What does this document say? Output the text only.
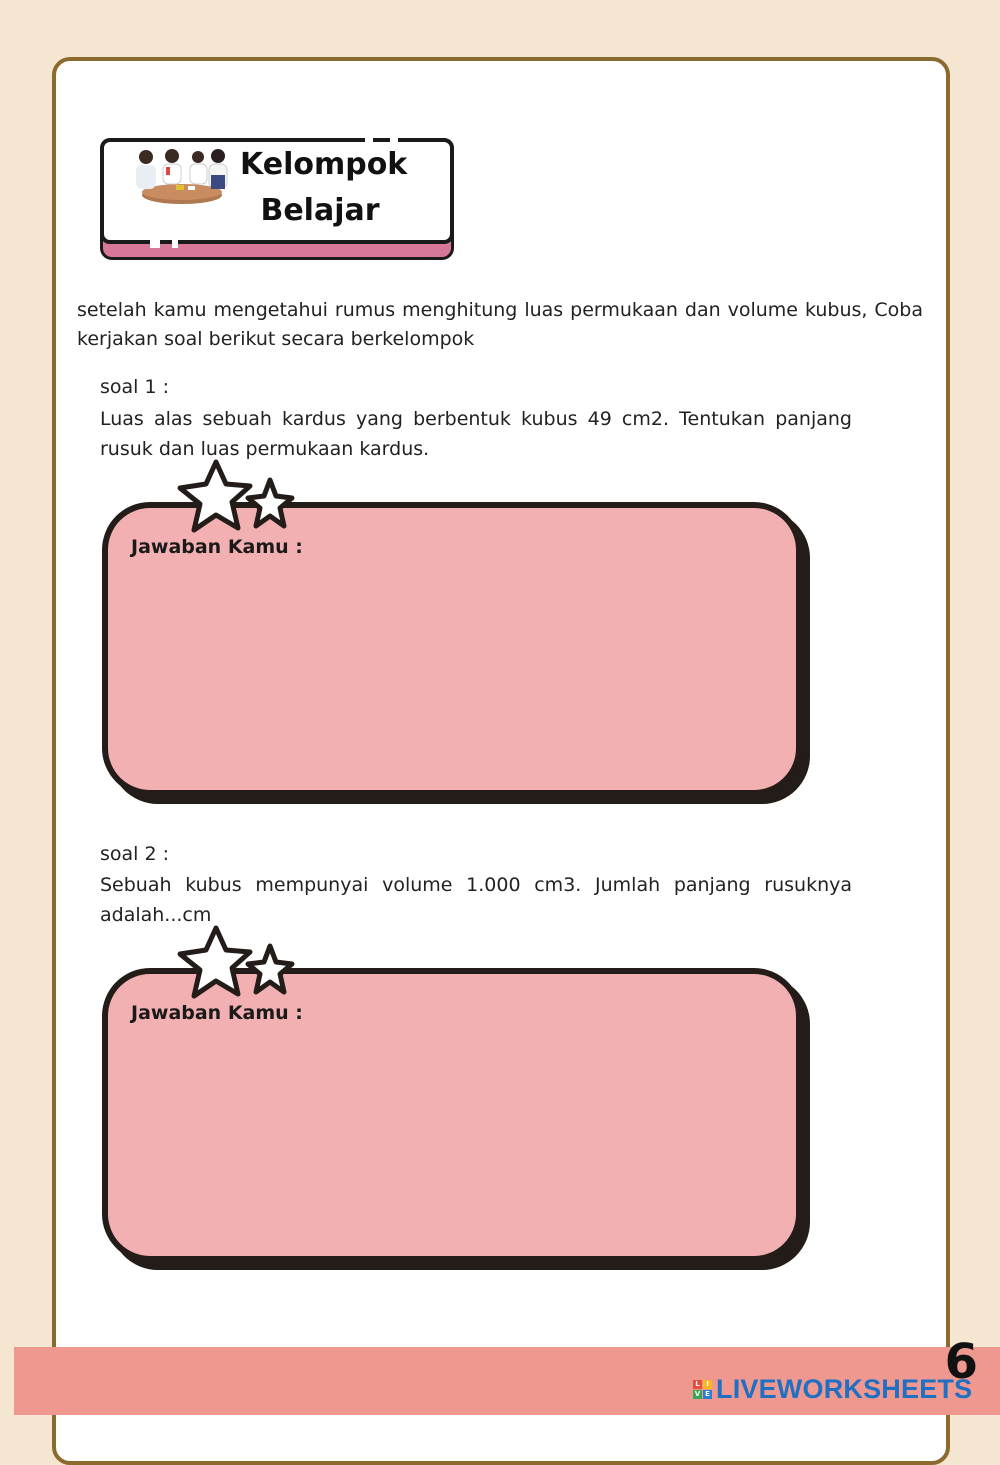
Kelompok
Belajar
setelah kamu mengetahui rumus menghitung luas permukaan dan volume kubus, Coba kerjakan soal berikut secara berkelompok
soal 1 :
Luas alas sebuah kardus yang berbentuk kubus 49 cm2. Tentukan panjang rusuk dan luas permukaan kardus.
Jawaban Kamu :
soal 2 :
Sebuah kubus mempunyai volume 1.000 cm3. Jumlah panjang rusuknya adalah...cm
Jawaban Kamu :
6
L I
V E LIVEWORKSHEETS
